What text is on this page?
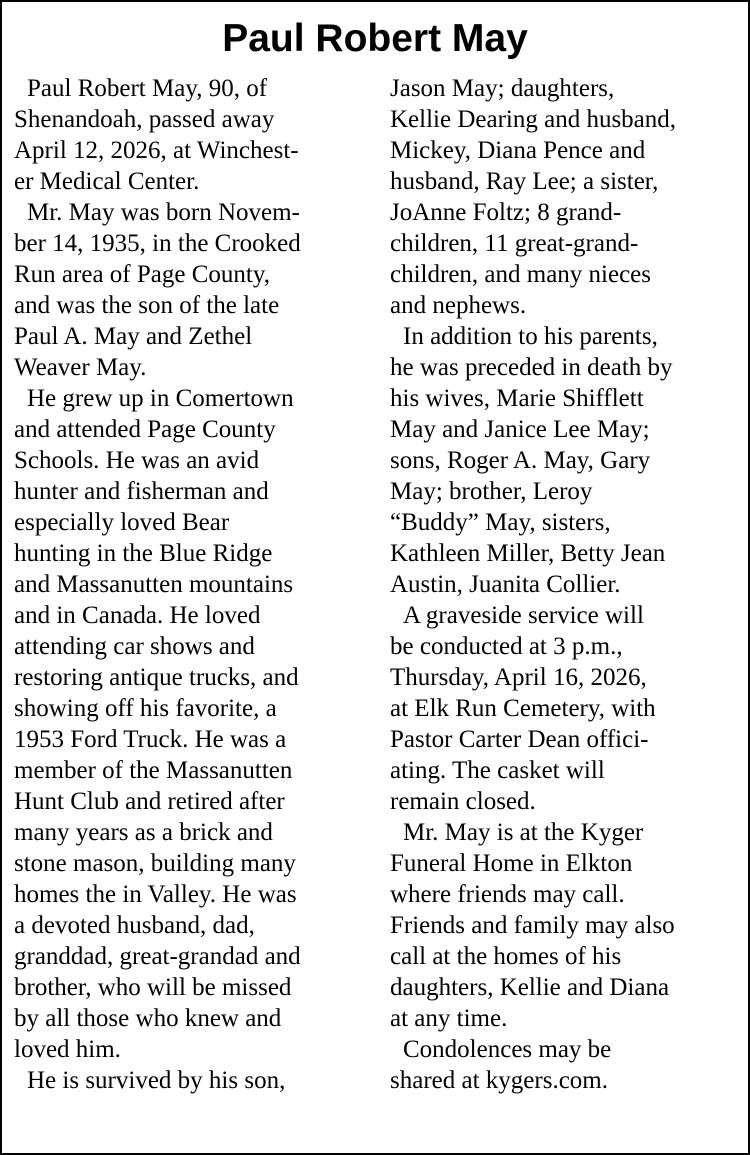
Paul Robert May
Paul Robert May, 90, of
Shenandoah, passed away
April 12, 2026, at Winchest-
er Medical Center.
Mr. May was born Novem-
ber 14, 1935, in the Crooked
Run area of Page County,
and was the son of the late
Paul A. May and Zethel
Weaver May.
He grew up in Comertown
and attended Page County
Schools. He was an avid
hunter and fisherman and
especially loved Bear
hunting in the Blue Ridge
and Massanutten mountains
and in Canada. He loved
attending car shows and
restoring antique trucks, and
showing off his favorite, a
1953 Ford Truck. He was a
member of the Massanutten
Hunt Club and retired after
many years as a brick and
stone mason, building many
homes the in Valley. He was
a devoted husband, dad,
granddad, great-grandad and
brother, who will be missed
by all those who knew and
loved him.
He is survived by his son,
Jason May; daughters,
Kellie Dearing and husband,
Mickey, Diana Pence and
husband, Ray Lee; a sister,
JoAnne Foltz; 8 grand-
children, 11 great-grand-
children, and many nieces
and nephews.
In addition to his parents,
he was preceded in death by
his wives, Marie Shifflett
May and Janice Lee May;
sons, Roger A. May, Gary
May; brother, Leroy
“Buddy” May, sisters,
Kathleen Miller, Betty Jean
Austin, Juanita Collier.
A graveside service will
be conducted at 3 p.m.,
Thursday, April 16, 2026,
at Elk Run Cemetery, with
Pastor Carter Dean offici-
ating. The casket will
remain closed.
Mr. May is at the Kyger
Funeral Home in Elkton
where friends may call.
Friends and family may also
call at the homes of his
daughters, Kellie and Diana
at any time.
Condolences may be
shared at kygers.com.
